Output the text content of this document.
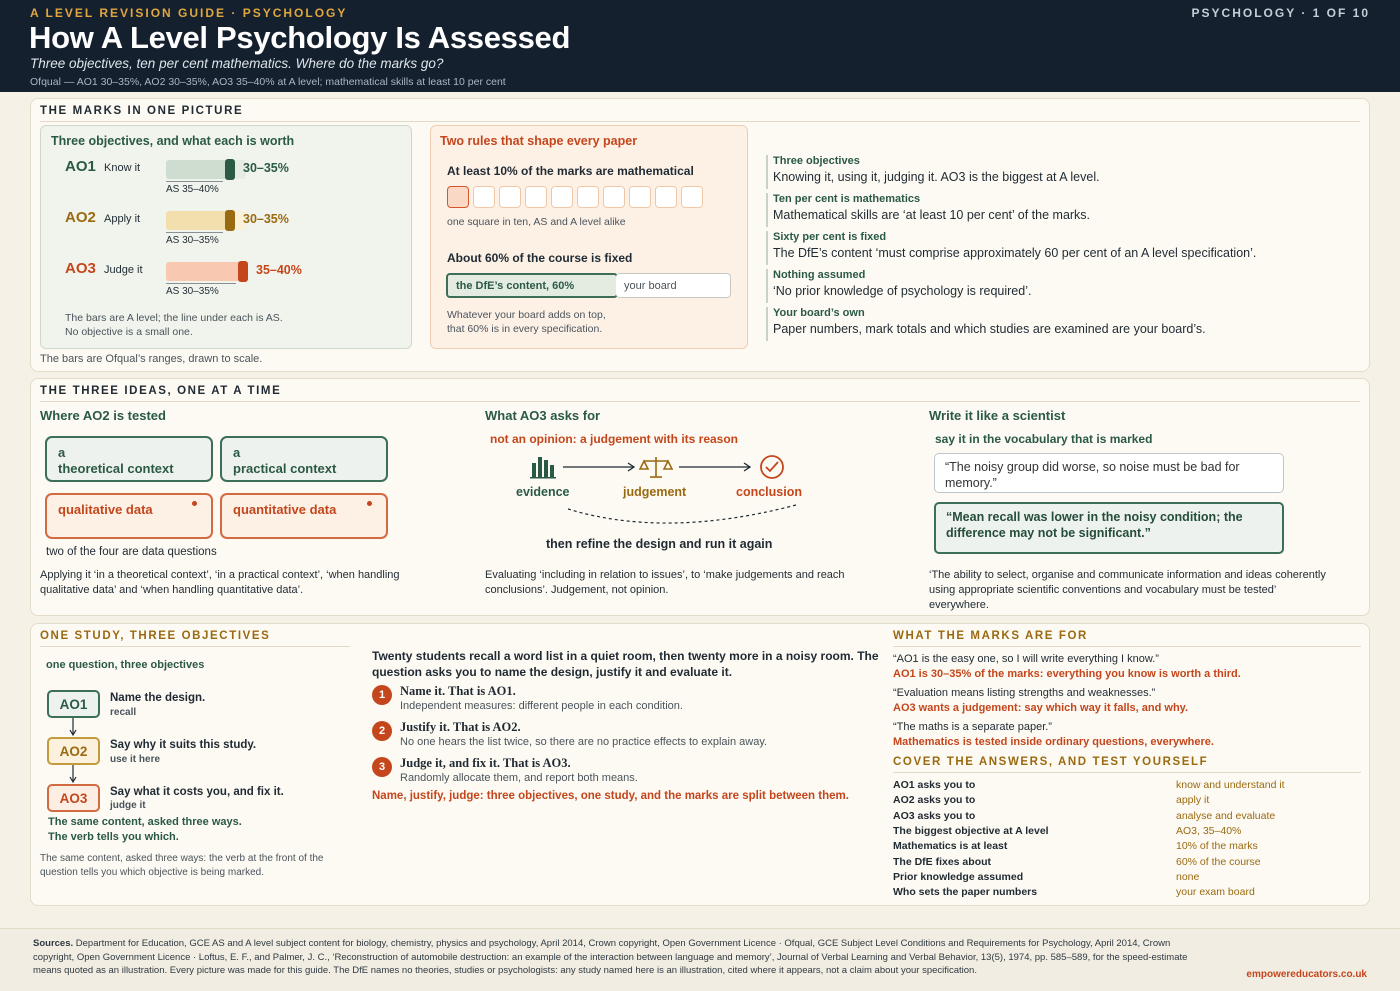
A LEVEL REVISION GUIDE · PSYCHOLOGY	PSYCHOLOGY · 1 OF 10
How A Level Psychology Is Assessed
Three objectives, ten per cent mathematics. Where do the marks go?
Ofqual — AO1 30–35%, AO2 30–35%, AO3 35–40% at A level; mathematical skills at least 10 per cent
THE MARKS IN ONE PICTURE
Three objectives, and what each is worth
AO1 Know it	30–35%
AS 35–40%
AO2 Apply it	30–35%
AS 30–35%
AO3 Judge it	35–40%
AS 30–35%
The bars are A level; the line under each is AS.
No objective is a small one.
The bars are Ofqual’s ranges, drawn to scale.
Two rules that shape every paper
At least 10% of the marks are mathematical
one square in ten, AS and A level alike
About 60% of the course is fixed
the DfE’s content, 60%	your board
Whatever your board adds on top,
that 60% is in every specification.
Three objectives
Knowing it, using it, judging it. AO3 is the biggest at A level.
Ten per cent is mathematics
Mathematical skills are ‘at least 10 per cent’ of the marks.
Sixty per cent is fixed
The DfE’s content ‘must comprise approximately 60 per cent of an A level specification’.
Nothing assumed
‘No prior knowledge of psychology is required’.
Your board’s own
Paper numbers, mark totals and which studies are examined are your board’s.
THE THREE IDEAS, ONE AT A TIME
Where AO2 is tested
a
theoretical context
a
practical context
qualitative data	quantitative data
two of the four are data questions
Applying it ‘in a theoretical context’, ‘in a practical context’, ‘when handling
qualitative data’ and ‘when handling quantitative data’.
What AO3 asks for
not an opinion: a judgement with its reason
evidence	judgement	conclusion
then refine the design and run it again
Evaluating ‘including in relation to issues’, to ‘make judgements and reach
conclusions’. Judgement, not opinion.
Write it like a scientist
say it in the vocabulary that is marked
“The noisy group did worse, so noise must be bad for memory.”
“Mean recall was lower in the noisy condition; the difference may not be significant.”
‘The ability to select, organise and communicate information and ideas coherently
using appropriate scientific conventions and vocabulary must be tested’
everywhere.
ONE STUDY, THREE OBJECTIVES
one question, three objectives
AO1	Name the design.
recall
AO2	Say why it suits this study.
use it here
AO3	Say what it costs you, and fix it.
judge it
The same content, asked three ways.
The verb tells you which.
The same content, asked three ways: the verb at the front of the
question tells you which objective is being marked.
Twenty students recall a word list in a quiet room, then twenty more in a noisy room. The
question asks you to name the design, justify it and evaluate it.
1	Name it. That is AO1.
Independent measures: different people in each condition.
2	Justify it. That is AO2.
No one hears the list twice, so there are no practice effects to explain away.
3	Judge it, and fix it. That is AO3.
Randomly allocate them, and report both means.
Name, justify, judge: three objectives, one study, and the marks are split between them.
WHAT THE MARKS ARE FOR
“AO1 is the easy one, so I will write everything I know.”
AO1 is 30–35% of the marks: everything you know is worth a third.
“Evaluation means listing strengths and weaknesses.”
AO3 wants a judgement: say which way it falls, and why.
“The maths is a separate paper.”
Mathematics is tested inside ordinary questions, everywhere.
COVER THE ANSWERS, AND TEST YOURSELF
AO1 asks you to	know and understand it
AO2 asks you to	apply it
AO3 asks you to	analyse and evaluate
The biggest objective at A level	AO3, 35–40%
Mathematics is at least	10% of the marks
The DfE fixes about	60% of the course
Prior knowledge assumed	none
Who sets the paper numbers	your exam board
Sources. Department for Education, GCE AS and A level subject content for biology, chemistry, physics and psychology, April 2014, Crown copyright, Open Government Licence · Ofqual, GCE Subject Level Conditions and Requirements for Psychology, April 2014, Crown copyright, Open Government Licence · Loftus, E. F., and Palmer, J. C., ‘Reconstruction of automobile destruction: an example of the interaction between language and memory’, Journal of Verbal Learning and Verbal Behavior, 13(5), 1974, pp. 585–589, for the speed-estimate means quoted as an illustration. Every picture was made for this guide. The DfE names no theories, studies or psychologists: any study named here is an illustration, cited where it appears, not a claim about your specification.	empowereducators.co.uk
